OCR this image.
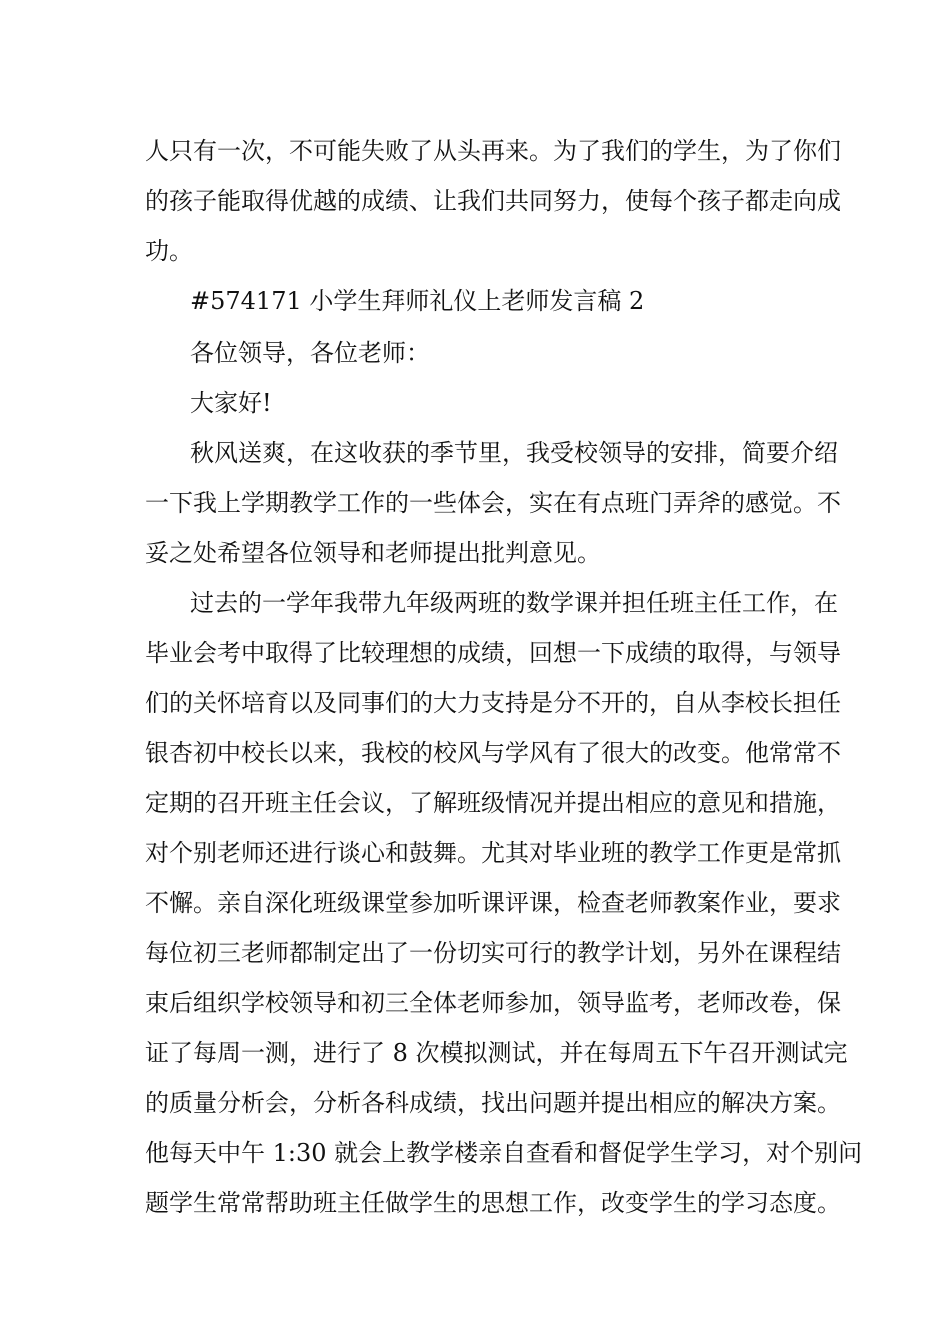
人只有一次，不可能失败了从头再来。为了我们的学生，为了你们
的孩子能取得优越的成绩、让我们共同努力，使每个孩子都走向成
功。
#574171 小学生拜师礼仪上老师发言稿 2
各位领导，各位老师：
大家好!
秋风送爽，在这收获的季节里，我受校领导的安排，简要介绍
一下我上学期教学工作的一些体会，实在有点班门弄斧的感觉。不
妥之处希望各位领导和老师提出批判意见。
过去的一学年我带九年级两班的数学课并担任班主任工作，在
毕业会考中取得了比较理想的成绩，回想一下成绩的取得，与领导
们的关怀培育以及同事们的大力支持是分不开的，自从李校长担任
银杏初中校长以来，我校的校风与学风有了很大的改变。他常常不
定期的召开班主任会议，了解班级情况并提出相应的意见和措施，
对个别老师还进行谈心和鼓舞。尤其对毕业班的教学工作更是常抓
不懈。亲自深化班级课堂参加听课评课，检查老师教案作业，要求
每位初三老师都制定出了一份切实可行的教学计划，另外在课程结
束后组织学校领导和初三全体老师参加，领导监考，老师改卷，保
证了每周一测，进行了 8 次模拟测试，并在每周五下午召开测试完
的质量分析会，分析各科成绩，找出问题并提出相应的解决方案。
他每天中午 1:30 就会上教学楼亲自查看和督促学生学习，对个别问
题学生常常帮助班主任做学生的思想工作，改变学生的学习态度。
